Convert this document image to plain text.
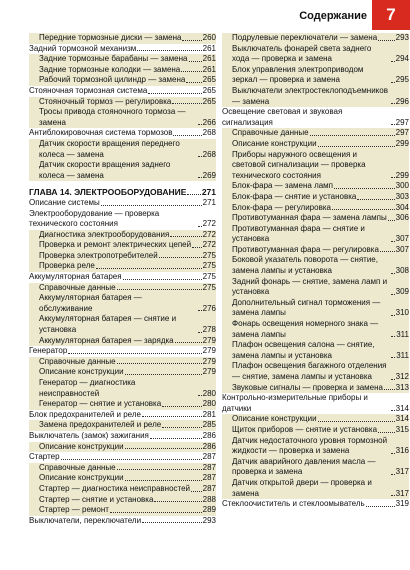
Содержание	7
Передние тормозные диски — замена	260
Задний тормозной механизм	261
Задние тормозные барабаны — замена 261
Задние тормозные колодки — замена	261
Рабочий тормозной цилиндр — замена 265
Стояночная тормозная система	265
Стояночный тормоз — регулировка	265
Тросы привода стояночного тормоза — замена	266
Антиблокировочная система тормозов	268
Датчик скорости вращения переднего колеса — замена	268
Датчик скорости вращения заднего колеса — замена	269
ГЛАВА 14. ЭЛЕКТРООБОРУДОВАНИЕ 271
Описание системы	271
Электрооборудование — проверка технического состояния	272
Диагностика электрооборудования	272
Проверка и ремонт электрических цепей 272
Проверка электропотребителей	275
Проверка реле	275
Аккумуляторная батарея	275
Справочные данные	275
Аккумуляторная батарея — обслуживание	276
Аккумуляторная батарея — снятие и установка	278
Аккумуляторная батарея — зарядка	279
Генератор	279
Справочные данные	279
Описание конструкции	279
Генератор — диагностика неисправностей	280
Генератор — снятие и установка	280
Блок предохранителей и реле	281
Замена предохранителей и реле	285
Выключатель (замок) зажигания	286
Описание конструкции	286
Стартер	287
Справочные данные	287
Описание конструкции	287
Стартер — диагностика неисправностей 287
Стартер — снятие и установка	288
Стартер — ремонт	289
Выключатели, переключатели	293
Подрулевые переключатели — замена 293
Выключатель фонарей света заднего хода — проверка и замена	294
Блок управления электроприводом зеркал — проверка и замена	295
Выключатели электростеклоподъемников — замена	296
Освещение световая и звуковая сигнализация	297
Справочные данные	297
Описание конструкции	299
Приборы наружного освещения и световой сигнализации — проверка технического состояния	299
Блок-фара — замена ламп	300
Блок-фара — снятие и установка	303
Блок-фара — регулировка	304
Противотуманная фара — замена лампы 306
Противотуманная фара — снятие и установка	307
Противотуманная фара — регулировка 307
Боковой указатель поворота — снятие, замена лампы и установка	308
Задний фонарь — снятие, замена ламп и установка	309
Дополнительный сигнал торможения — замена лампы	310
Фонарь освещения номерного знака — замена лампы	311
Плафон освещения салона — снятие, замена лампы и установка	311
Плафон освещения багажного отделения — снятие, замена лампы и установка	312
Звуковые сигналы — проверка и замена 313
Контрольно-измерительные приборы и датчики	314
Описание конструкции	314
Щиток приборов — снятие и установка 315
Датчик недостаточного уровня тормозной жидкости — проверка и замена	316
Датчик аварийного давления масла — проверка и замена	317
Датчик открытой двери — проверка и замена	317
Стеклоочиститель и стеклоомыватель	319
